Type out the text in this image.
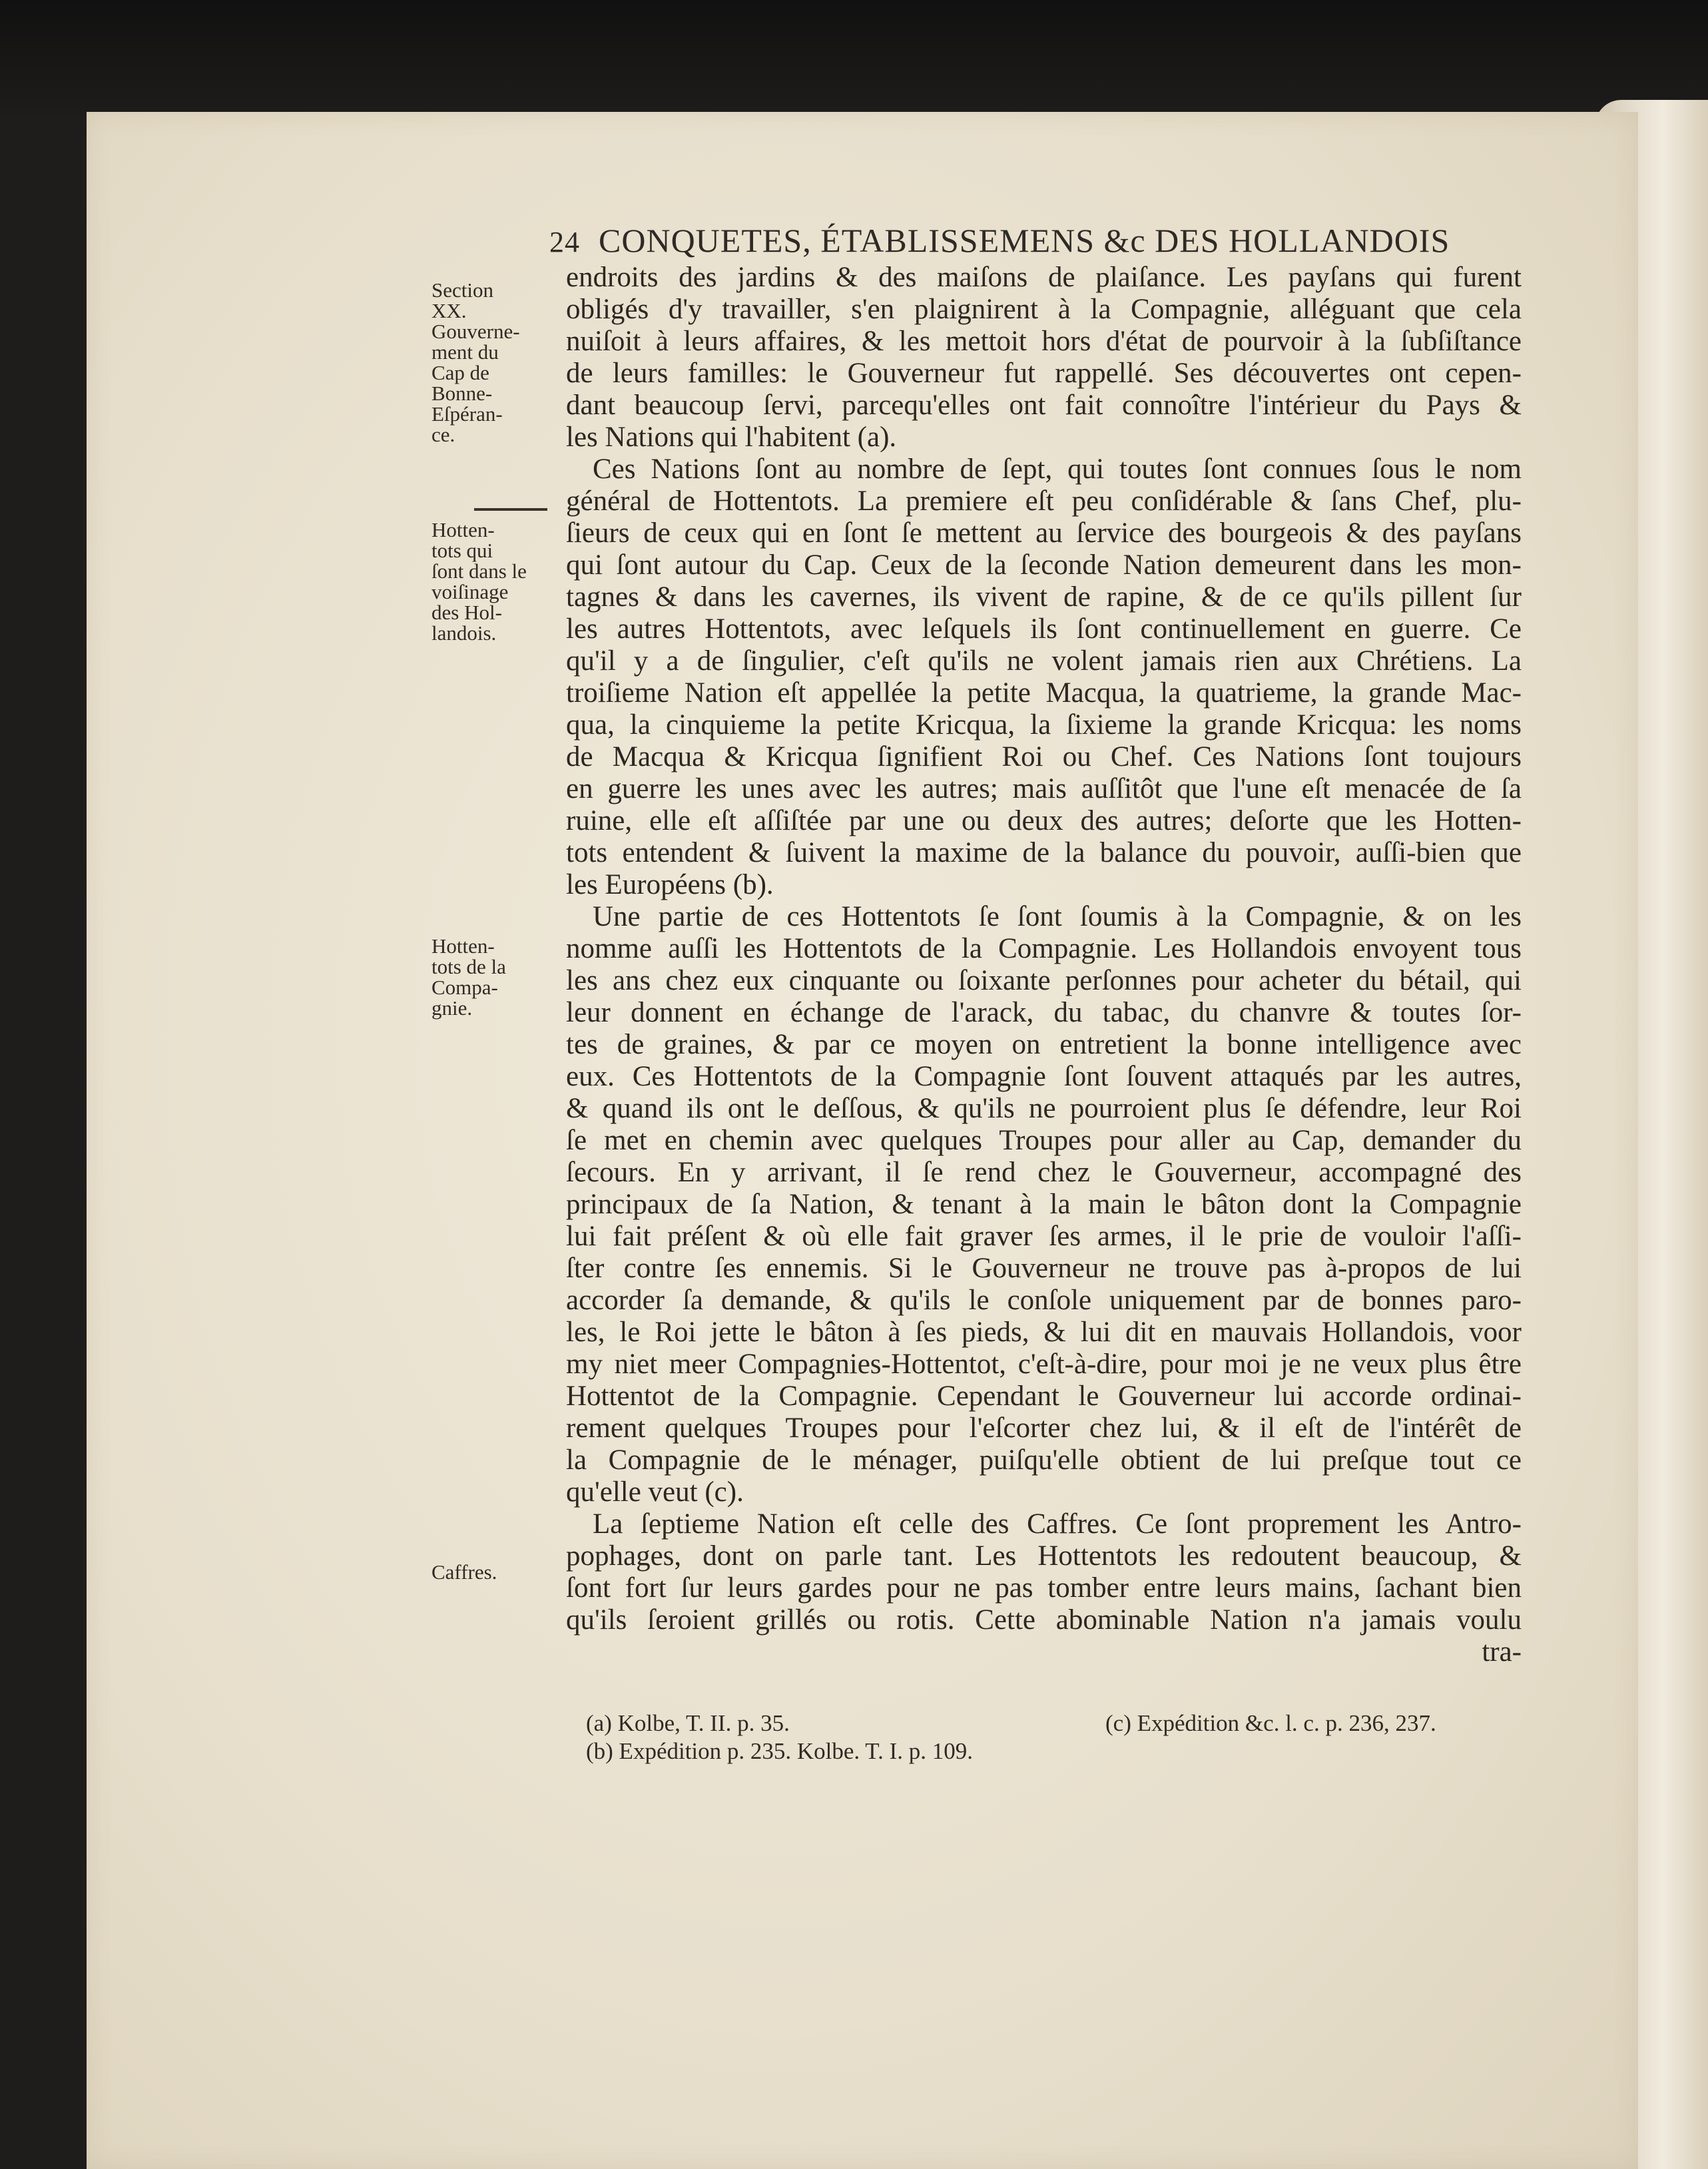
24 CONQUETES, ÉTABLISSEMENS &c DES HOLLANDOIS
Section
XX.
Gouverne-
ment du
Cap de
Bonne-
Eſpéran-
ce.
Hotten-
tots qui
ſont dans le
voiſinage
des Hol-
landois.
Hotten-
tots de la
Compa-
gnie.
Caffres.
endroits des jardins & des maiſons de plaiſance. Les payſans qui furent
obligés d'y travailler, s'en plaignirent à la Compagnie, alléguant que cela
nuiſoit à leurs affaires, & les mettoit hors d'état de pourvoir à la ſubſiſtance
de leurs familles: le Gouverneur fut rappellé. Ses découvertes ont cepen-
dant beaucoup ſervi, parcequ'elles ont fait connoître l'intérieur du Pays &
les Nations qui l'habitent (a).
Ces Nations ſont au nombre de ſept, qui toutes ſont connues ſous le nom
général de Hottentots. La premiere eſt peu conſidérable & ſans Chef, plu-
ſieurs de ceux qui en ſont ſe mettent au ſervice des bourgeois & des payſans
qui ſont autour du Cap. Ceux de la ſeconde Nation demeurent dans les mon-
tagnes & dans les cavernes, ils vivent de rapine, & de ce qu'ils pillent ſur
les autres Hottentots, avec leſquels ils ſont continuellement en guerre. Ce
qu'il y a de ſingulier, c'eſt qu'ils ne volent jamais rien aux Chrétiens. La
troiſieme Nation eſt appellée la petite Macqua, la quatrieme, la grande Mac-
qua, la cinquieme la petite Kricqua, la ſixieme la grande Kricqua: les noms
de Macqua & Kricqua ſignifient Roi ou Chef. Ces Nations ſont toujours
en guerre les unes avec les autres; mais auſſitôt que l'une eſt menacée de ſa
ruine, elle eſt aſſiſtée par une ou deux des autres; deſorte que les Hotten-
tots entendent & ſuivent la maxime de la balance du pouvoir, auſſi-bien que
les Européens (b).
Une partie de ces Hottentots ſe ſont ſoumis à la Compagnie, & on les
nomme auſſi les Hottentots de la Compagnie. Les Hollandois envoyent tous
les ans chez eux cinquante ou ſoixante perſonnes pour acheter du bétail, qui
leur donnent en échange de l'arack, du tabac, du chanvre & toutes ſor-
tes de graines, & par ce moyen on entretient la bonne intelligence avec
eux. Ces Hottentots de la Compagnie ſont ſouvent attaqués par les autres,
& quand ils ont le deſſous, & qu'ils ne pourroient plus ſe défendre, leur Roi
ſe met en chemin avec quelques Troupes pour aller au Cap, demander du
ſecours. En y arrivant, il ſe rend chez le Gouverneur, accompagné des
principaux de ſa Nation, & tenant à la main le bâton dont la Compagnie
lui fait préſent & où elle fait graver ſes armes, il le prie de vouloir l'aſſi-
ſter contre ſes ennemis. Si le Gouverneur ne trouve pas à-propos de lui
accorder ſa demande, & qu'ils le conſole uniquement par de bonnes paro-
les, le Roi jette le bâton à ſes pieds, & lui dit en mauvais Hollandois, voor
my niet meer Compagnies-Hottentot, c'eſt-à-dire, pour moi je ne veux plus être
Hottentot de la Compagnie. Cependant le Gouverneur lui accorde ordinai-
rement quelques Troupes pour l'eſcorter chez lui, & il eſt de l'intérêt de
la Compagnie de le ménager, puiſqu'elle obtient de lui preſque tout ce
qu'elle veut (c).
La ſeptieme Nation eſt celle des Caffres. Ce ſont proprement les Antro-
pophages, dont on parle tant. Les Hottentots les redoutent beaucoup, &
ſont fort ſur leurs gardes pour ne pas tomber entre leurs mains, ſachant bien
qu'ils ſeroient grillés ou rotis. Cette abominable Nation n'a jamais voulu
tra-
(a) Kolbe, T. II. p. 35.
(b) Expédition p. 235. Kolbe. T. I. p. 109.
(c) Expédition &c. l. c. p. 236, 237.
